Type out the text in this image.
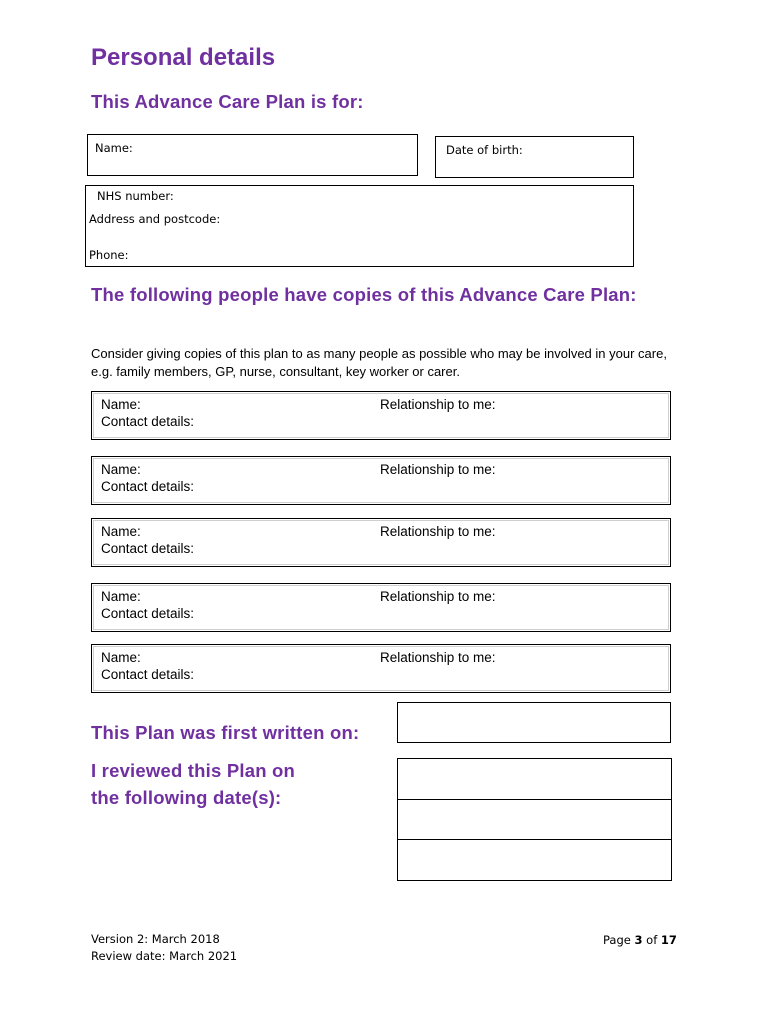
Personal details
This Advance Care Plan is for:
Name:	Date of birth:
NHS number:
Address and postcode:
Phone:
The following people have copies of this Advance Care Plan:
Consider giving copies of this plan to as many people as possible who may be involved in your care, e.g. family members, GP, nurse, consultant, key worker or carer.
Name:
Contact details:
Relationship to me:
Name:
Contact details:
Relationship to me:
Name:
Contact details:
Relationship to me:
Name:
Contact details:
Relationship to me:
Name:
Contact details:
Relationship to me:
This Plan was first written on:
I reviewed this Plan on
the following date(s):
Version 2: March 2018
Review date: March 2021
Page 3 of 17
